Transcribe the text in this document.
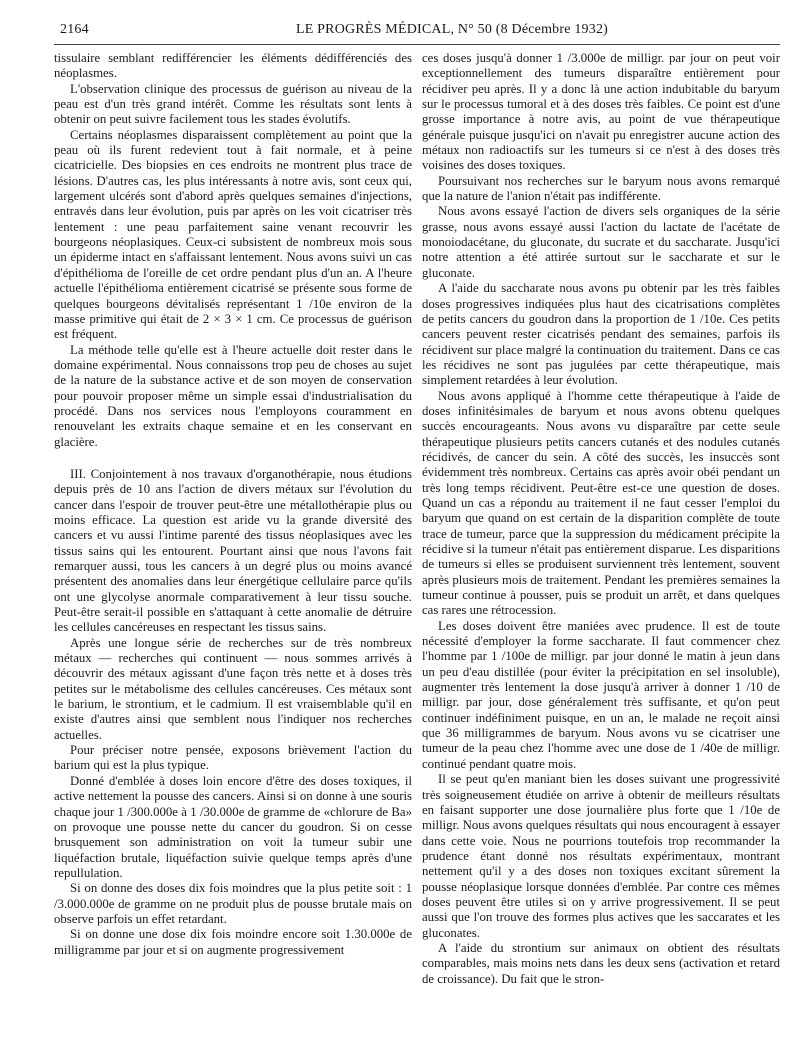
2164	LE PROGRÈS MÉDICAL, N° 50 (8 Décembre 1932)

tissulaire semblant redifférencier les éléments dédifférenciés des néoplasmes.

L'observation clinique des processus de guérison au niveau de la peau est d'un très grand intérêt. Comme les résultats sont lents à obtenir on peut suivre facilement tous les stades évolutifs.

Certains néoplasmes disparaissent complètement au point que la peau où ils furent redevient tout à fait normale, et à peine cicatricielle. Des biopsies en ces endroits ne montrent plus trace de lésions. D'autres cas, les plus intéressants à notre avis, sont ceux qui, largement ulcérés sont d'abord après quelques semaines d'injections, entravés dans leur évolution, puis par après on les voit cicatriser très lentement : une peau parfaitement saine venant recouvrir les bourgeons néoplasiques. Ceux-ci subsistent de nombreux mois sous un épiderme intact en s'affaissant lentement. Nous avons suivi un cas d'épithélioma de l'oreille de cet ordre pendant plus d'un an. A l'heure actuelle l'épithélioma entièrement cicatrisé se présente sous forme de quelques bourgeons dévitalisés représentant 1 /10e environ de la masse primitive qui était de 2 × 3 × 1 cm. Ce processus de guérison est fréquent.

La méthode telle qu'elle est à l'heure actuelle doit rester dans le domaine expérimental. Nous connaissons trop peu de choses au sujet de la nature de la substance active et de son moyen de conservation pour pouvoir proposer même un simple essai d'industrialisation du procédé. Dans nos services nous l'employons couramment en renouvelant les extraits chaque semaine et en les conservant en glacière.

III. Conjointement à nos travaux d'organothérapie, nous étudions depuis près de 10 ans l'action de divers métaux sur l'évolution du cancer dans l'espoir de trouver peut-être une métallothérapie plus ou moins efficace. La question est aride vu la grande diversité des cancers et vu aussi l'intime parenté des tissus néoplasiques avec les tissus sains qui les entourent. Pourtant ainsi que nous l'avons fait remarquer aussi, tous les cancers à un degré plus ou moins avancé présentent des anomalies dans leur énergétique cellulaire parce qu'ils ont une glycolyse anormale comparativement à leur tissu souche. Peut-être serait-il possible en s'attaquant à cette anomalie de détruire les cellules cancéreuses en respectant les tissus sains.

Après une longue série de recherches sur de très nombreux métaux — recherches qui continuent — nous sommes arrivés à découvrir des métaux agissant d'une façon très nette et à doses très petites sur le métabolisme des cellules cancéreuses. Ces métaux sont le barium, le strontium, et le cadmium. Il est vraisemblable qu'il en existe d'autres ainsi que semblent nous l'indiquer nos recherches actuelles.

Pour préciser notre pensée, exposons brièvement l'action du barium qui est la plus typique.

Donné d'emblée à doses loin encore d'être des doses toxiques, il active nettement la pousse des cancers. Ainsi si on donne à une souris chaque jour 1 /300.000e à 1 /30.000e de gramme de «chlorure de Ba» on provoque une pousse nette du cancer du goudron. Si on cesse brusquement son administration on voit la tumeur subir une liquéfaction brutale, liquéfaction suivie quelque temps après d'une repullulation.

Si on donne des doses dix fois moindres que la plus petite soit : 1 /3.000.000e de gramme on ne produit plus de pousse brutale mais on observe parfois un effet retardant.

Si on donne une dose dix fois moindre encore soit 1.30.000e de milligramme par jour et si on augmente progressivement

ces doses jusqu'à donner 1 /3.000e de milligr. par jour on peut voir exceptionnellement des tumeurs disparaître entièrement pour récidiver peu après. Il y a donc là une action indubitable du baryum sur le processus tumoral et à des doses très faibles. Ce point est d'une grosse importance à notre avis, au point de vue thérapeutique générale puisque jusqu'ici on n'avait pu enregistrer aucune action des métaux non radioactifs sur les tumeurs si ce n'est à des doses très voisines des doses toxiques.

Poursuivant nos recherches sur le baryum nous avons remarqué que la nature de l'anion n'était pas indifférente.

Nous avons essayé l'action de divers sels organiques de la série grasse, nous avons essayé aussi l'action du lactate de l'acétate de monoiodacétane, du gluconate, du sucrate et du saccharate. Jusqu'ici notre attention a été attirée surtout sur le saccharate et sur le gluconate.

A l'aide du saccharate nous avons pu obtenir par les très faibles doses progressives indiquées plus haut des cicatrisations complètes de petits cancers du goudron dans la proportion de 1 /10e. Ces petits cancers peuvent rester cicatrisés pendant des semaines, parfois ils récidivent sur place malgré la continuation du traitement. Dans ce cas les récidives ne sont pas jugulées par cette thérapeutique, mais simplement retardées à leur évolution.

Nous avons appliqué à l'homme cette thérapeutique à l'aide de doses infinitésimales de baryum et nous avons obtenu quelques succès encourageants. Nous avons vu disparaître par cette seule thérapeutique plusieurs petits cancers cutanés et des nodules cutanés récidivés, de cancer du sein. A côté des succès, les insuccès sont évidemment très nombreux. Certains cas après avoir obéi pendant un très long temps récidivent. Peut-être est-ce une question de doses. Quand un cas a répondu au traitement il ne faut cesser l'emploi du baryum que quand on est certain de la disparition complète de toute trace de tumeur, parce que la suppression du médicament précipite la récidive si la tumeur n'était pas entièrement disparue. Les disparitions de tumeurs si elles se produisent surviennent très lentement, souvent après plusieurs mois de traitement. Pendant les premières semaines la tumeur continue à pousser, puis se produit un arrêt, et dans quelques cas rares une rétrocession.

Les doses doivent être maniées avec prudence. Il est de toute nécessité d'employer la forme saccharate. Il faut commencer chez l'homme par 1 /100e de milligr. par jour donné le matin à jeun dans un peu d'eau distillée (pour éviter la précipitation en sel insoluble), augmenter très lentement la dose jusqu'à arriver à donner 1 /10 de milligr. par jour, dose généralement très suffisante, et qu'on peut continuer indéfiniment puisque, en un an, le malade ne reçoit ainsi que 36 milligrammes de baryum. Nous avons vu se cicatriser une tumeur de la peau chez l'homme avec une dose de 1 /40e de milligr. continué pendant quatre mois.

Il se peut qu'en maniant bien les doses suivant une progressivité très soigneusement étudiée on arrive à obtenir de meilleurs résultats en faisant supporter une dose journalière plus forte que 1 /10e de milligr. Nous avons quelques résultats qui nous encouragent à essayer dans cette voie. Nous ne pourrions toutefois trop recommander la prudence étant donné nos résultats expérimentaux, montrant nettement qu'il y a des doses non toxiques excitant sûrement la pousse néoplasique lorsque données d'emblée. Par contre ces mêmes doses peuvent être utiles si on y arrive progressivement. Il se peut aussi que l'on trouve des formes plus actives que les saccarates et les gluconates.

A l'aide du strontium sur animaux on obtient des résultats comparables, mais moins nets dans les deux sens (activation et retard de croissance). Du fait que le stron-
